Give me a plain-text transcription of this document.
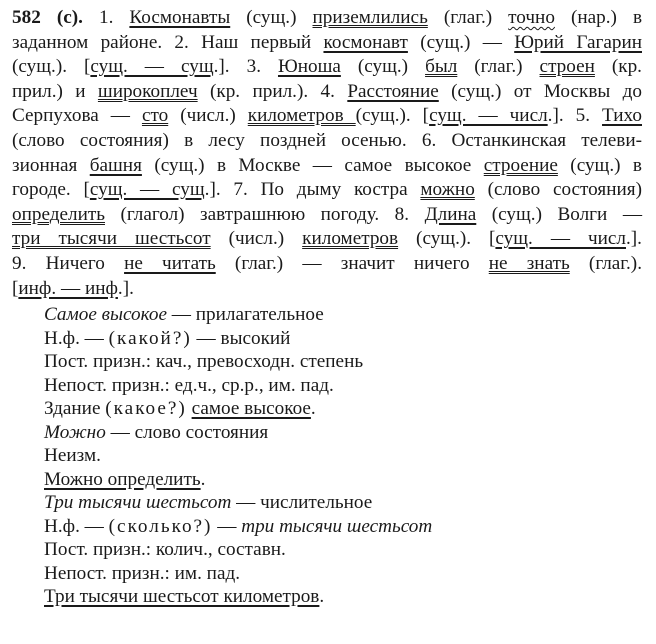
582 (с). 1. Космонавты (сущ.) приземлились (глаг.) точно (нар.) в
заданном районе. 2. Наш первый космонавт (сущ.) — Юрий Гагарин
(сущ.). [сущ. — сущ.]. 3. Юноша (сущ.) был (глаг.) строен (кр.
прил.) и широкоплеч (кр. прил.). 4. Расстояние (сущ.) от Москвы до
Серпухова — сто (числ.) километров (сущ.). [сущ. — числ.]. 5. Тихо
(слово состояния) в лесу поздней осенью. 6. Останкинская телеви-
зионная башня (сущ.) в Москве — самое высокое строение (сущ.) в
городе. [сущ. — сущ.]. 7. По дыму костра можно (слово состояния)
определить (глагол) завтрашнюю погоду. 8. Длина (сущ.) Волги —
три тысячи шестьсот (числ.) километров (сущ.). [сущ. — числ.].
9. Ничего не читать (глаг.) — значит ничего не знать (глаг.).
[инф. — инф.].
Самое высокое — прилагательное
Н.ф. — (какой?) — высокий
Пост. призн.: кач., превосходн. степень
Непост. призн.: ед.ч., ср.р., им. пад.
Здание (какое?) самое высокое.
Можно — слово состояния
Неизм.
Можно определить.
Три тысячи шестьсот — числительное
Н.ф. — (сколько?) — три тысячи шестьсот
Пост. призн.: колич., составн.
Непост. призн.: им. пад.
Три тысячи шестьсот километров.
